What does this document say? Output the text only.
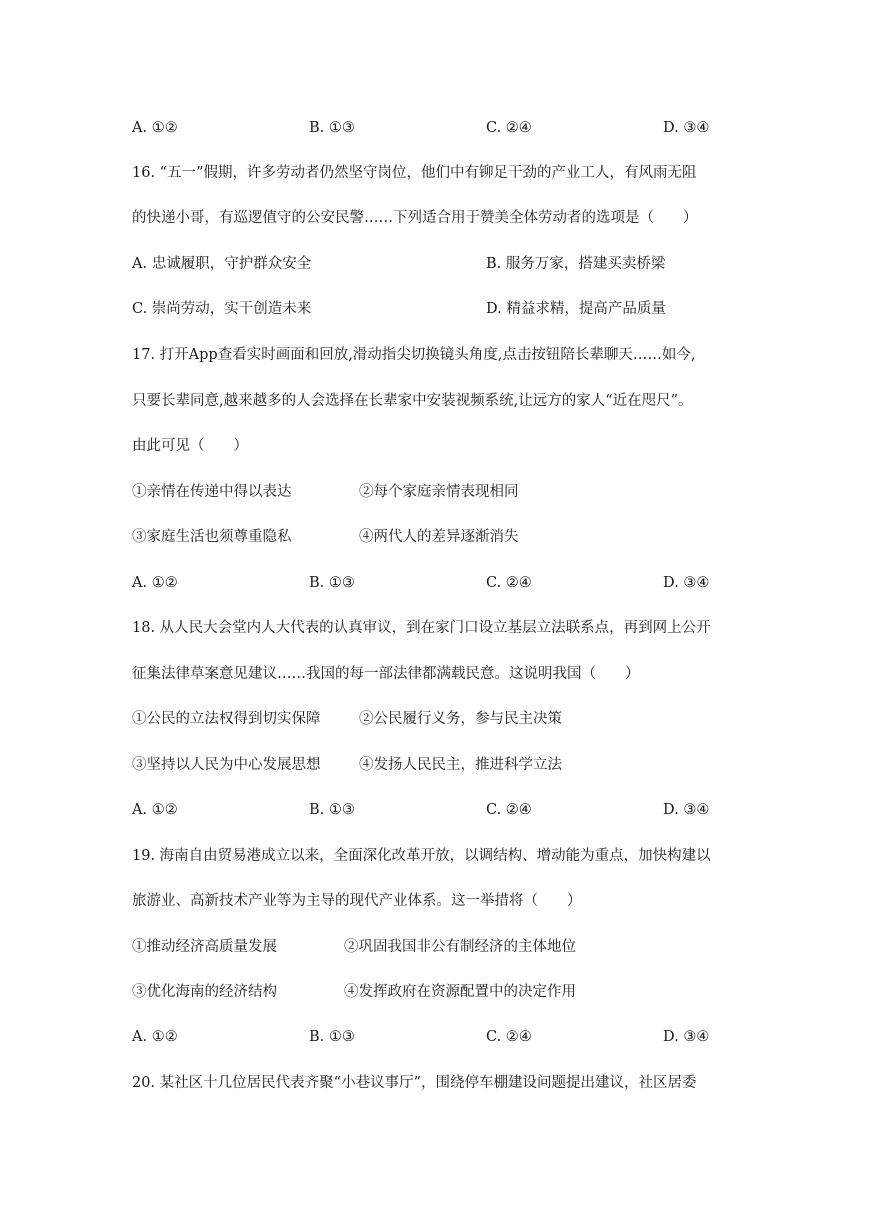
A. ①②	B. ①③	C. ②④	D. ③④
16. “五一”假期，许多劳动者仍然坚守岗位，他们中有铆足干劲的产业工人，有风雨无阻
的快递小哥，有巡逻值守的公安民警……下列适合用于赞美全体劳动者的选项是（　　）
A. 忠诚履职，守护群众安全	B. 服务万家，搭建买卖桥梁
C. 崇尚劳动，实干创造未来	D. 精益求精，提高产品质量
17. 打开App查看实时画面和回放,滑动指尖切换镜头角度,点击按钮陪长辈聊天……如今,
只要长辈同意,越来越多的人会选择在长辈家中安装视频系统,让远方的家人“近在咫尺”。
由此可见（　　）
①亲情在传递中得以表达	②每个家庭亲情表现相同
③家庭生活也须尊重隐私	④两代人的差异逐渐消失
A. ①②	B. ①③	C. ②④	D. ③④
18. 从人民大会堂内人大代表的认真审议，到在家门口设立基层立法联系点，再到网上公开
征集法律草案意见建议……我国的每一部法律都满载民意。这说明我国（　　）
①公民的立法权得到切实保障	②公民履行义务，参与民主决策
③坚持以人民为中心发展思想	④发扬人民民主，推进科学立法
A. ①②	B. ①③	C. ②④	D. ③④
19. 海南自由贸易港成立以来，全面深化改革开放，以调结构、增动能为重点，加快构建以
旅游业、高新技术产业等为主导的现代产业体系。这一举措将（　　）
①推动经济高质量发展	②巩固我国非公有制经济的主体地位
③优化海南的经济结构	④发挥政府在资源配置中的决定作用
A. ①②	B. ①③	C. ②④	D. ③④
20. 某社区十几位居民代表齐聚“小巷议事厅”，围绕停车棚建设问题提出建议，社区居委
